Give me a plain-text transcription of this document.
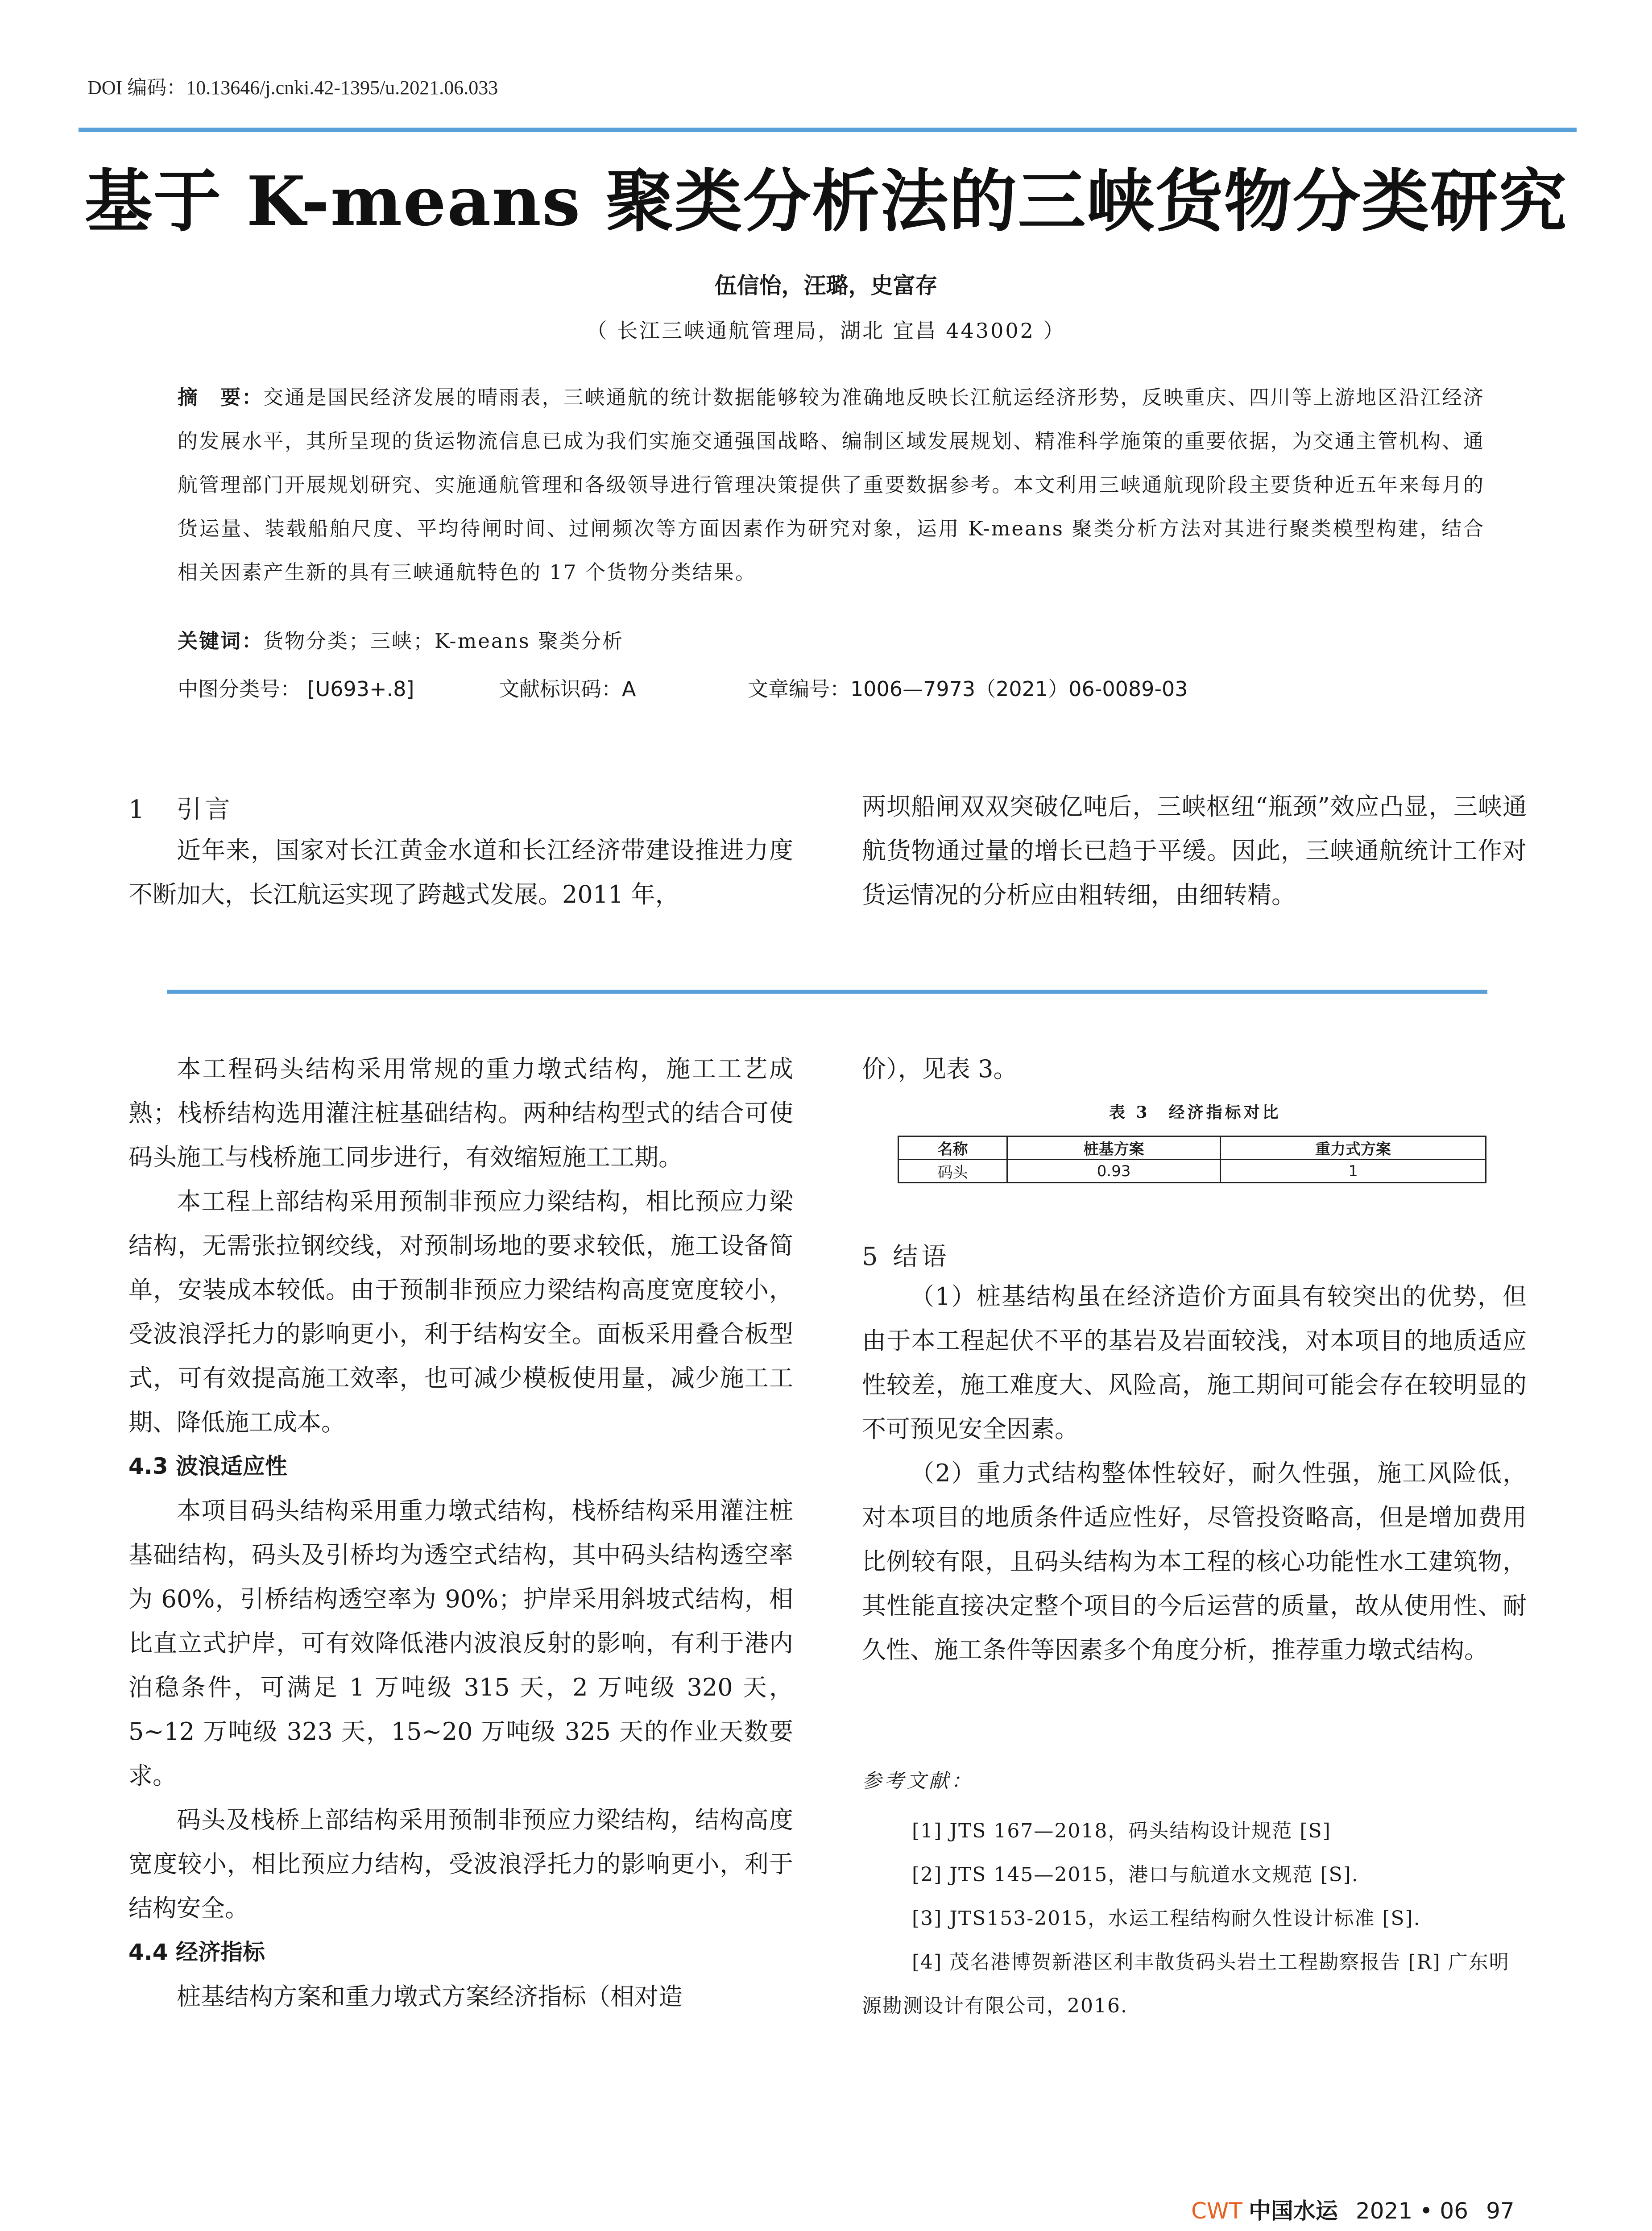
DOI 编码：10.13646/j.cnki.42-1395/u.2021.06.033
基于 K-means 聚类分析法的三峡货物分类研究
伍信怡，汪璐，史富存
（ 长江三峡通航管理局，湖北 宜昌 443002 ）
摘　要：交通是国民经济发展的晴雨表，三峡通航的统计数据能够较为准确地反映长江航运经济形势，反映重庆、四川等上游地区沿江经济的发展水平，其所呈现的货运物流信息已成为我们实施交通强国战略、编制区域发展规划、精准科学施策的重要依据，为交通主管机构、通航管理部门开展规划研究、实施通航管理和各级领导进行管理决策提供了重要数据参考。本文利用三峡通航现阶段主要货种近五年来每月的货运量、装载船舶尺度、平均待闸时间、过闸频次等方面因素作为研究对象，运用 K-means 聚类分析方法对其进行聚类模型构建，结合相关因素产生新的具有三峡通航特色的 17 个货物分类结果。
关键词：货物分类；三峡；K-means 聚类分析
中图分类号： [U693+.8]	文献标识码：A	文章编号：1006—7973（2021）06-0089-03
1　引言

近年来，国家对长江黄金水道和长江经济带建设推进力度不断加大，长江航运实现了跨越式发展。2011 年，

两坝船闸双双突破亿吨后，三峡枢纽“瓶颈”效应凸显，三峡通航货物通过量的增长已趋于平缓。因此，三峡通航统计工作对货运情况的分析应由粗转细，由细转精。

本工程码头结构采用常规的重力墩式结构，施工工艺成熟；栈桥结构选用灌注桩基础结构。两种结构型式的结合可使码头施工与栈桥施工同步进行，有效缩短施工工期。

本工程上部结构采用预制非预应力梁结构，相比预应力梁结构，无需张拉钢绞线，对预制场地的要求较低，施工设备简单，安装成本较低。由于预制非预应力梁结构高度宽度较小，受波浪浮托力的影响更小，利于结构安全。面板采用叠合板型式，可有效提高施工效率，也可减少模板使用量，减少施工工期、降低施工成本。

4.3 波浪适应性

本项目码头结构采用重力墩式结构，栈桥结构采用灌注桩基础结构，码头及引桥均为透空式结构，其中码头结构透空率为 60%，引桥结构透空率为 90%；护岸采用斜坡式结构，相比直立式护岸，可有效降低港内波浪反射的影响，有利于港内泊稳条件，可满足 1 万吨级 315 天，2 万吨级 320 天，5~12 万吨级 323 天，15~20 万吨级 325 天的作业天数要求。

码头及栈桥上部结构采用预制非预应力梁结构，结构高度宽度较小，相比预应力结构，受波浪浮托力的影响更小，利于结构安全。

4.4 经济指标

桩基结构方案和重力墩式方案经济指标（相对造

价），见表 3。

表 3　经济指标对比
名称	桩基方案	重力式方案
码头	0.93	1
5 结语

（1）桩基结构虽在经济造价方面具有较突出的优势，但由于本工程起伏不平的基岩及岩面较浅，对本项目的地质适应性较差，施工难度大、风险高，施工期间可能会存在较明显的不可预见安全因素。

（2）重力式结构整体性较好，耐久性强，施工风险低，对本项目的地质条件适应性好，尽管投资略高，但是增加费用比例较有限，且码头结构为本工程的核心功能性水工建筑物，其性能直接决定整个项目的今后运营的质量，故从使用性、耐久性、施工条件等因素多个角度分析，推荐重力墩式结构。

参考文献：

[1] JTS 167—2018，码头结构设计规范 [S]

[2] JTS 145—2015，港口与航道水文规范 [S].

[3] JTS153-2015，水运工程结构耐久性设计标准 [S].

[4] 茂名港博贺新港区利丰散货码头岩土工程勘察报告 [R] 广东明源勘测设计有限公司，2016.

CWT 中国水运 2021 • 06 97
